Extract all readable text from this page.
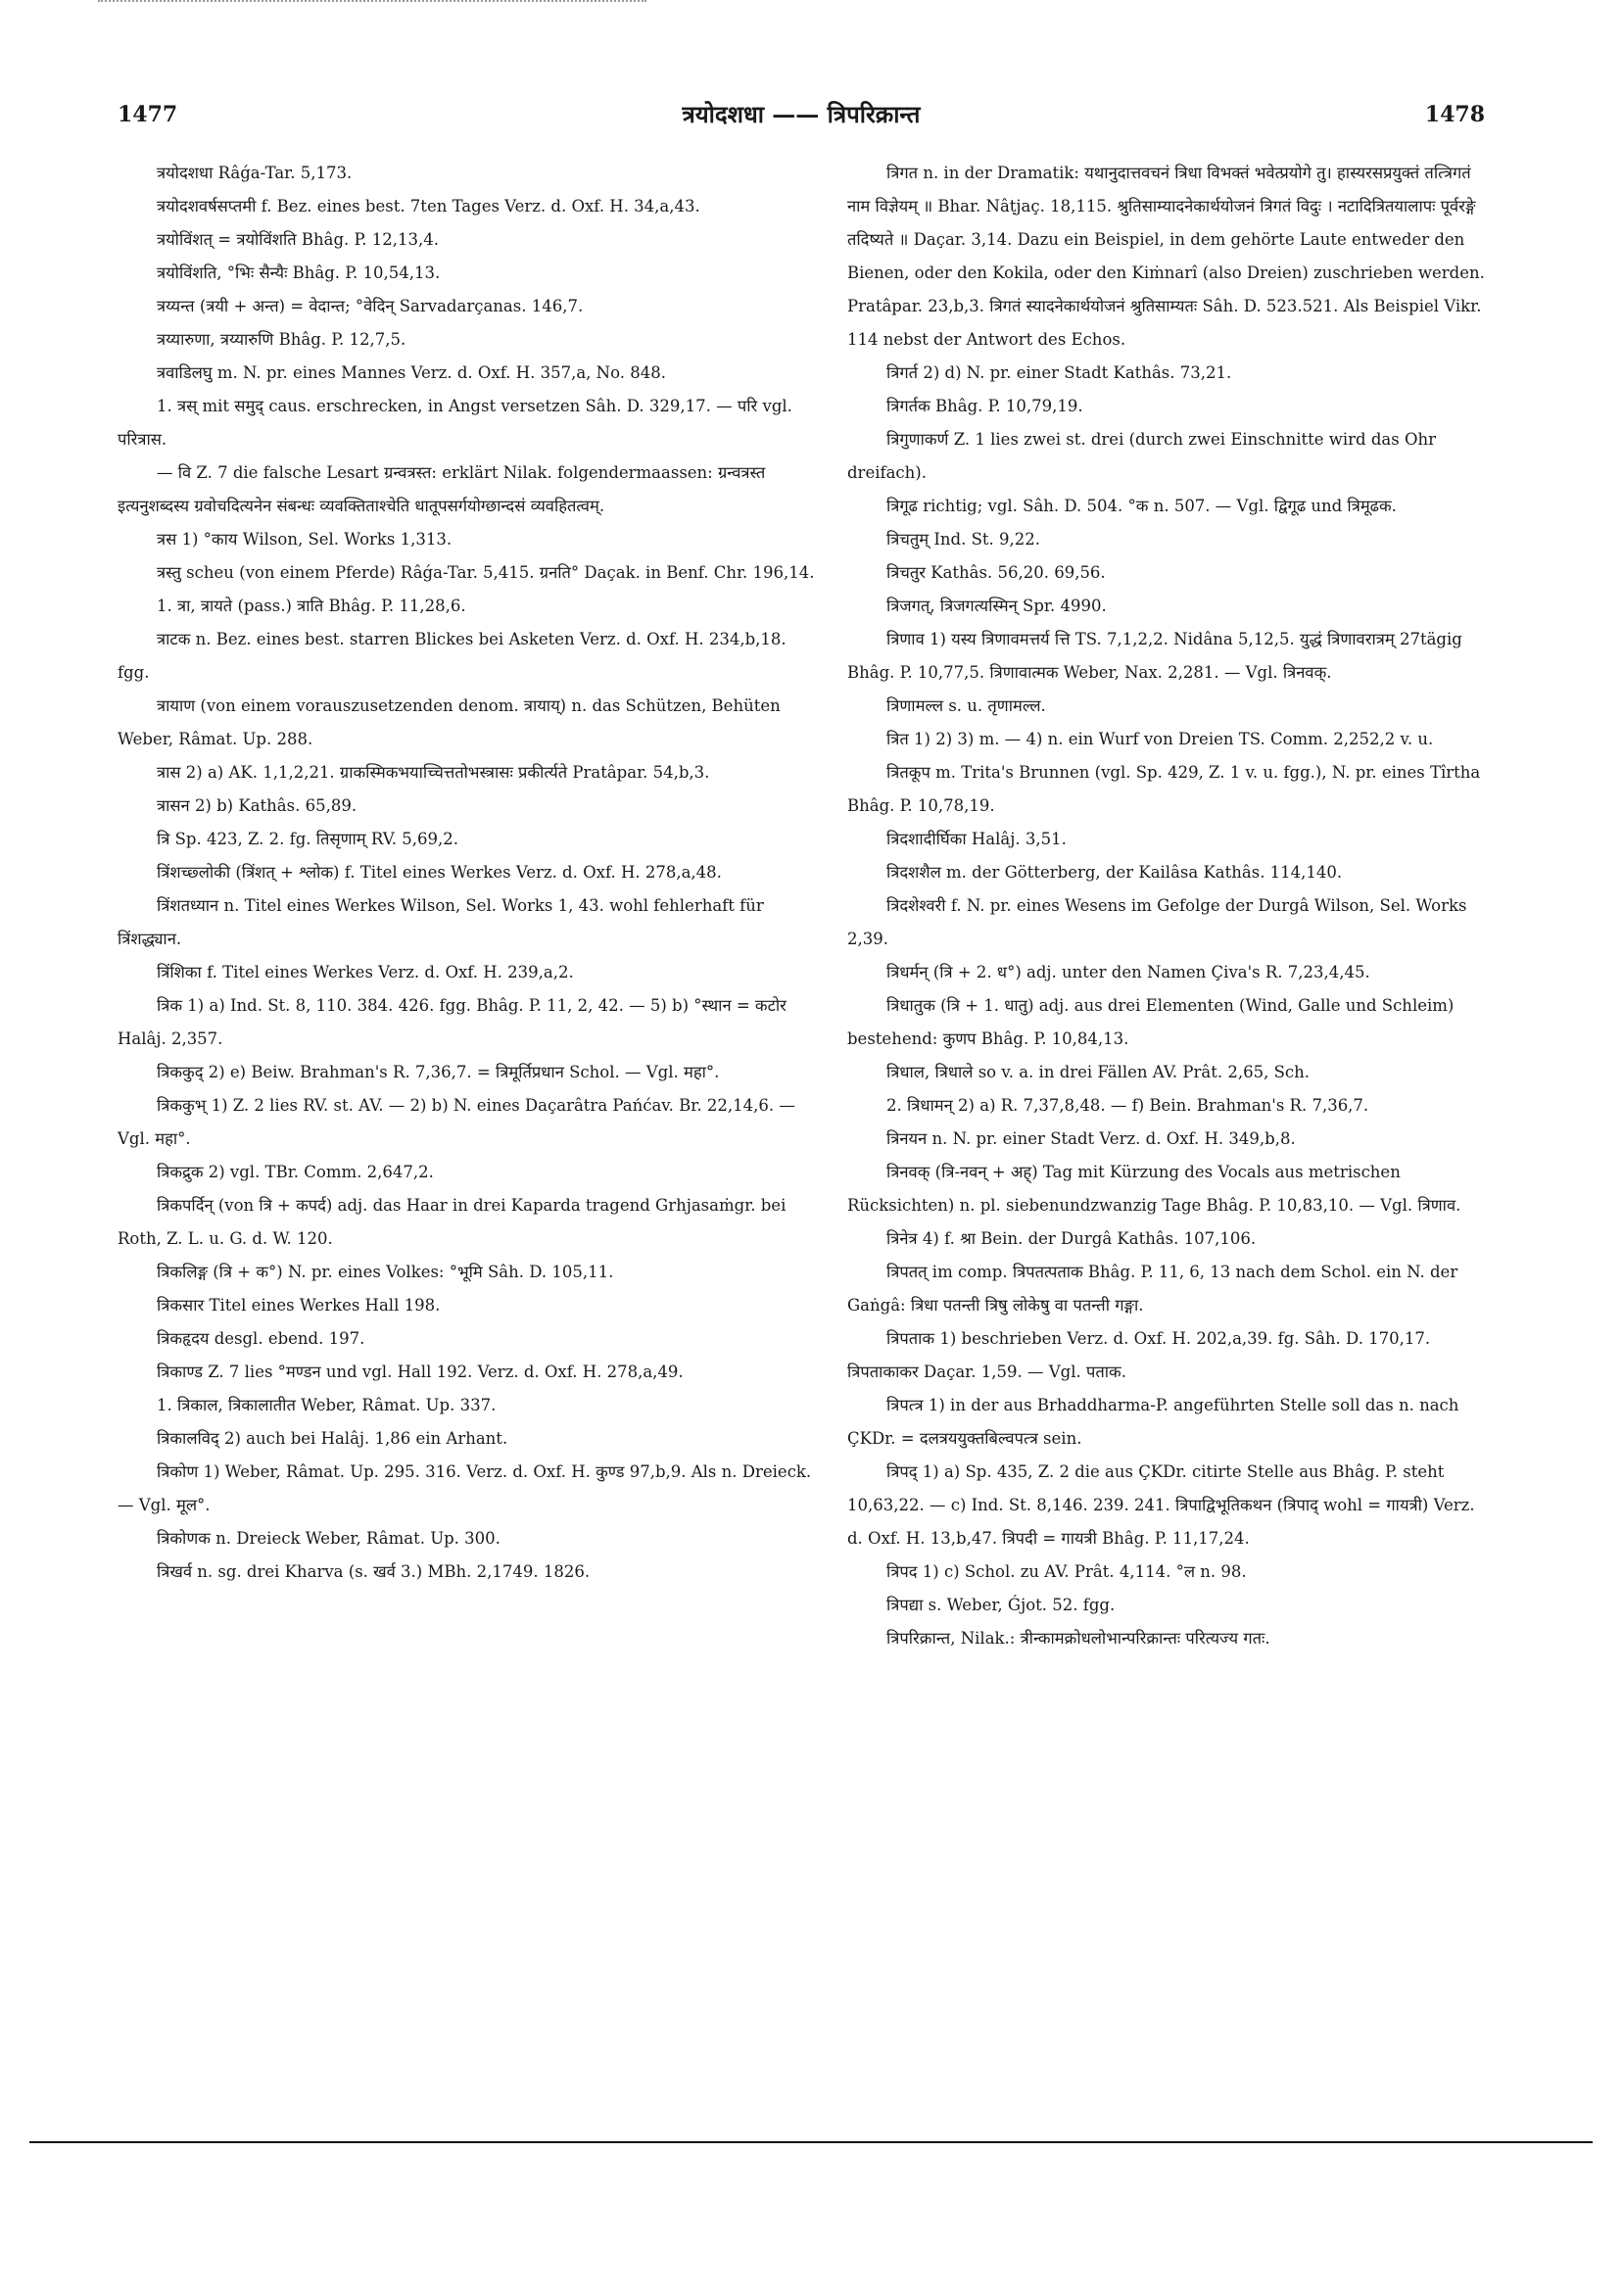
1477	त्रयोदशधा —— त्रिपरिक्रान्त	1478

त्रयोदशधा Râǵa-Tar. 5,173.

त्रयोदशवर्षसप्तमी f. Bez. eines best. 7ten Tages Verz. d. Oxf. H. 34,a,43.

त्रयोविंशत् = त्रयोविंशति Bhâg. P. 12,13,4.

त्रयोविंशति, °भिः सैन्यैः Bhâg. P. 10,54,13.

त्रय्यन्त (त्रयी + अन्त) = वेदान्त; °वेदिन् Sarvadarçanas. 146,7.

त्रय्यारुणा, त्रय्यारुणि Bhâg. P. 12,7,5.

त्रवाडिलघु m. N. pr. eines Mannes Verz. d. Oxf. H. 357,a, No. 848.

1. त्रस् mit समुद् caus. erschrecken, in Angst versetzen Sâh. D. 329,17. — परि vgl. परित्रास.

— वि Z. 7 die falsche Lesart ग्रन्वत्रस्त: erklärt Nilak. folgendermaassen: ग्रन्वत्रस्त इत्यनुशब्दस्य ग्रवोचदित्यनेन संबन्धः व्यवक्तिताश्चेति धातूपसर्गयोग्छान्दसं व्यवहितत्वम्.

त्रस 1) °काय Wilson, Sel. Works 1,313.

त्रस्तु scheu (von einem Pferde) Râǵa-Tar. 5,415. ग्रनति° Daçak. in Benf. Chr. 196,14.

1. त्रा, त्रायते (pass.) त्राति Bhâg. P. 11,28,6.

त्राटक n. Bez. eines best. starren Blickes bei Asketen Verz. d. Oxf. H. 234,b,18. fgg.

त्रायाण (von einem vorauszusetzenden denom. त्रायाय्) n. das Schützen, Behüten Weber, Râmat. Up. 288.

त्रास 2) a) AK. 1,1,2,21. ग्राकस्मिकभयाच्चित्ततोभस्त्रासः प्रकीर्त्यते Pratâpar. 54,b,3.

त्रासन 2) b) Kathâs. 65,89.

त्रि Sp. 423, Z. 2. fg. तिसृणाम् RV. 5,69,2.

त्रिंशच्छ्लोकी (त्रिंशत् + श्लोक) f. Titel eines Werkes Verz. d. Oxf. H. 278,a,48.

त्रिंशतध्यान n. Titel eines Werkes Wilson, Sel. Works 1, 43. wohl fehlerhaft für त्रिंशद्ध्यान.

त्रिंशिका f. Titel eines Werkes Verz. d. Oxf. H. 239,a,2.

त्रिक 1) a) Ind. St. 8, 110. 384. 426. fgg. Bhâg. P. 11, 2, 42. — 5) b) °स्थान = कटोर Halâj. 2,357.

त्रिककुद् 2) e) Beiw. Brahman's R. 7,36,7. = त्रिमूर्तिप्रधान Schol. — Vgl. महा°.

त्रिककुभ् 1) Z. 2 lies RV. st. AV. — 2) b) N. eines Daçarâtra Pańćav. Br. 22,14,6. — Vgl. महा°.

त्रिकद्रुक 2) vgl. TBr. Comm. 2,647,2.

त्रिकपर्दिन् (von त्रि + कपर्द) adj. das Haar in drei Kaparda tragend Grhjasaṁgr. bei Roth, Z. L. u. G. d. W. 120.

त्रिकलिङ्ग (त्रि + क°) N. pr. eines Volkes: °भूमि Sâh. D. 105,11.

त्रिकसार Titel eines Werkes Hall 198.

त्रिकहृदय desgl. ebend. 197.

त्रिकाण्ड Z. 7 lies °मण्डन und vgl. Hall 192. Verz. d. Oxf. H. 278,a,49.

1. त्रिकाल, त्रिकालातीत Weber, Râmat. Up. 337.

त्रिकालविद् 2) auch bei Halâj. 1,86 ein Arhant.

त्रिकोण 1) Weber, Râmat. Up. 295. 316. Verz. d. Oxf. H. कुण्ड 97,b,9. Als n. Dreieck. — Vgl. मूल°.

त्रिकोणक n. Dreieck Weber, Râmat. Up. 300.

त्रिखर्व n. sg. drei Kharva (s. खर्व 3.) MBh. 2,1749. 1826.

त्रिगत n. in der Dramatik: यथानुदात्तवचनं त्रिधा विभक्तं भवेत्प्रयोगे तु। हास्यरसप्रयुक्तं तत्त्रिगतं नाम विज्ञेयम् ॥ Bhar. Nâṭjaç. 18,115. श्रुतिसाम्यादनेकार्थयोजनं त्रिगतं विदुः । नटादित्रितयालापः पूर्वरङ्गे तदिष्यते ॥ Daçar. 3,14. Dazu ein Beispiel, in dem gehörte Laute entweder den Bienen, oder den Kokila, oder den Kiṁnarî (also Dreien) zuschrieben werden. Pratâpar. 23,b,3. त्रिगतं स्यादनेकार्थयोजनं श्रुतिसाम्यतः Sâh. D. 523.521. Als Beispiel Vikr. 114 nebst der Antwort des Echos.

त्रिगर्त 2) d) N. pr. einer Stadt Kathâs. 73,21.

त्रिगर्तक Bhâg. P. 10,79,19.

त्रिगुणाकर्ण Z. 1 lies zwei st. drei (durch zwei Einschnitte wird das Ohr dreifach).

त्रिगूढ richtig; vgl. Sâh. D. 504. °क n. 507. — Vgl. द्विगूढ und त्रिमूढक.

त्रिचतुम् Ind. St. 9,22.

त्रिचतुर Kathâs. 56,20. 69,56.

त्रिजगत्, त्रिजगत्यस्मिन् Spr. 4990.

त्रिणाव 1) यस्य त्रिणावमत्तर्य त्ति TS. 7,1,2,2. Nidâna 5,12,5. युद्धं त्रिणावरात्रम् 27tägig Bhâg. P. 10,77,5. त्रिणावात्मक Weber, Nax. 2,281. — Vgl. त्रिनवक्.

त्रिणामल्ल s. u. तृणामल्ल.

त्रित 1) 2) 3) m. — 4) n. ein Wurf von Dreien TS. Comm. 2,252,2 v. u.

त्रितकूप m. Trita's Brunnen (vgl. Sp. 429, Z. 1 v. u. fgg.), N. pr. eines Tîrtha Bhâg. P. 10,78,19.

त्रिदशादीर्घिका Halâj. 3,51.

त्रिदशशैल m. der Götterberg, der Kailâsa Kathâs. 114,140.

त्रिदशेश्वरी f. N. pr. eines Wesens im Gefolge der Durgâ Wilson, Sel. Works 2,39.

त्रिधर्मन् (त्रि + 2. ध°) adj. unter den Namen Çiva's R. 7,23,4,45.

त्रिधातुक (त्रि + 1. धातु) adj. aus drei Elementen (Wind, Galle und Schleim) bestehend: कुणप Bhâg. P. 10,84,13.

त्रिधाल, त्रिधाले so v. a. in drei Fällen AV. Prât. 2,65, Sch.

2. त्रिधामन् 2) a) R. 7,37,8,48. — f) Bein. Brahman's R. 7,36,7.

त्रिनयन n. N. pr. einer Stadt Verz. d. Oxf. H. 349,b,8.

त्रिनवक् (त्रि-नवन् + अह्) Tag mit Kürzung des Vocals aus metrischen Rücksichten) n. pl. siebenundzwanzig Tage Bhâg. P. 10,83,10. — Vgl. त्रिणाव.

त्रिनेत्र 4) f. श्रा Bein. der Durgâ Kathâs. 107,106.

त्रिपतत् im comp. त्रिपतत्पताक Bhâg. P. 11, 6, 13 nach dem Schol. ein N. der Gaṅgâ: त्रिधा पतन्ती त्रिषु लोकेषु वा पतन्ती गङ्गा.

त्रिपताक 1) beschrieben Verz. d. Oxf. H. 202,a,39. fg. Sâh. D. 170,17. त्रिपताकाकर Daçar. 1,59. — Vgl. पताक.

त्रिपत्त्र 1) in der aus Brhaddharma-P. angeführten Stelle soll das n. nach ÇKDr. = दलत्रययुक्तबिल्वपत्त्र sein.

त्रिपद् 1) a) Sp. 435, Z. 2 die aus ÇKDr. citirte Stelle aus Bhâg. P. steht 10,63,22. — c) Ind. St. 8,146. 239. 241. त्रिपाद्विभूतिकथन (त्रिपाद् wohl = गायत्री) Verz. d. Oxf. H. 13,b,47. त्रिपदी = गायत्री Bhâg. P. 11,17,24.

त्रिपद 1) c) Schol. zu AV. Prât. 4,114. °ल n. 98.

त्रिपद्या s. Weber, Ǵjot. 52. fgg.

त्रिपरिक्रान्त, Nilak.: त्रीन्कामक्रोधलोभान्परिक्रान्तः परित्यज्य गतः.
